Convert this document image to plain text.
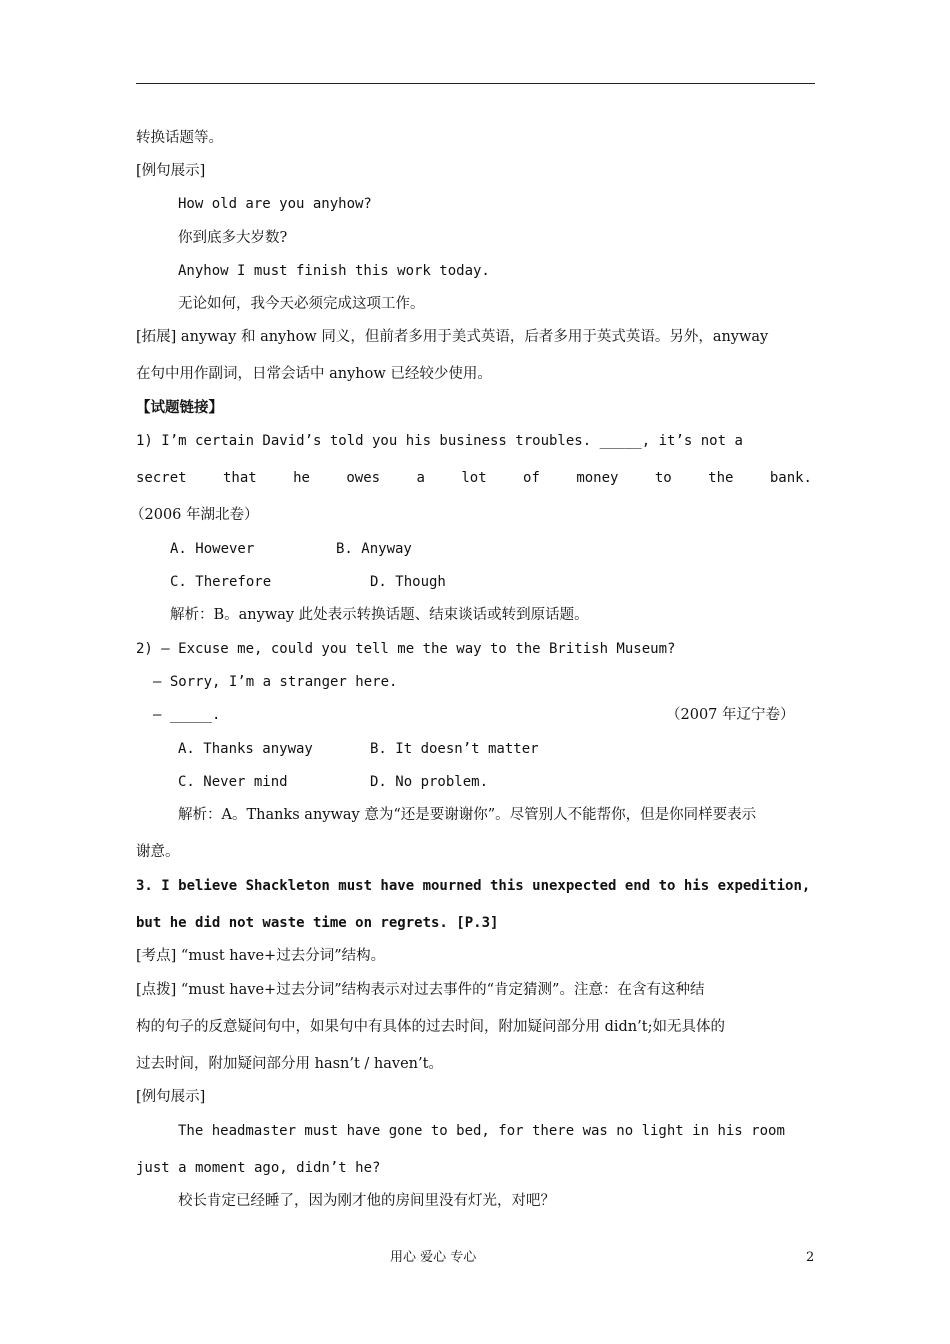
转换话题等。
[例句展示]
How old are you anyhow?
你到底多大岁数?
Anyhow I must finish this work today.
无论如何，我今天必须完成这项工作。
[拓展] anyway 和 anyhow 同义，但前者多用于美式英语，后者多用于英式英语。另外，anyway
在句中用作副词，日常会话中 anyhow 已经较少使用。
【试题链接】
1) I’m certain David’s told you his business troubles. _____, it’s not a
secret	that	he	owes	a	lot	of	money	to	the	bank.
（2006 年湖北卷）
A. However	B. Anyway
C. Therefore	D. Though
解析：B。anyway 此处表示转换话题、结束谈话或转到原话题。
2) — Excuse me, could you tell me the way to the British Museum?
— Sorry, I’m a stranger here.
— _____.	（2007 年辽宁卷）
A. Thanks anyway	B. It doesn’t matter
C. Never mind	D. No problem.
解析：A。Thanks anyway 意为“还是要谢谢你”。尽管别人不能帮你，但是你同样要表示
谢意。
3. I believe Shackleton must have mourned this unexpected end to his expedition,
but he did not waste time on regrets. [P.3]
[考点] “must have+过去分词”结构。
[点拨] “must have+过去分词”结构表示对过去事件的“肯定猜测”。注意：在含有这种结
构的句子的反意疑问句中，如果句中有具体的过去时间，附加疑问部分用 didn’t;如无具体的
过去时间，附加疑问部分用 hasn’t / haven’t。
[例句展示]
The headmaster must have gone to bed, for there was no light in his room
just a moment ago, didn’t he?
校长肯定已经睡了，因为刚才他的房间里没有灯光，对吧？
用心 爱心 专心	2
